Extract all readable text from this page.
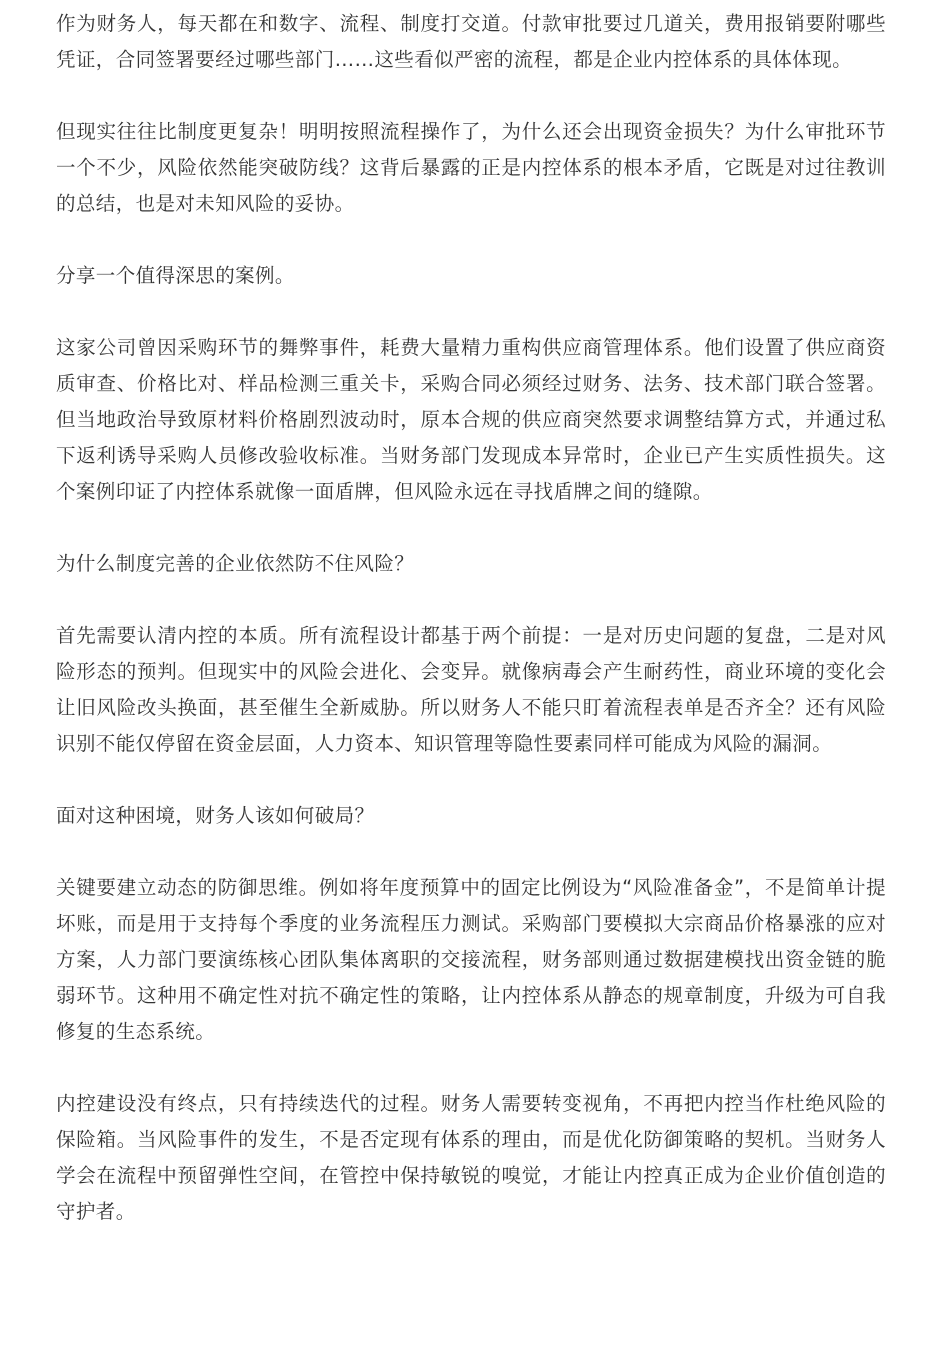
作为财务人，每天都在和数字、流程、制度打交道。付款审批要过几道关，费用报销要附哪些凭证，合同签署要经过哪些部门……这些看似严密的流程，都是企业内控体系的具体体现。

但现实往往比制度更复杂！明明按照流程操作了，为什么还会出现资金损失？为什么审批环节一个不少，风险依然能突破防线？这背后暴露的正是内控体系的根本矛盾，它既是对过往教训的总结，也是对未知风险的妥协。

分享一个值得深思的案例。

这家公司曾因采购环节的舞弊事件，耗费大量精力重构供应商管理体系。他们设置了供应商资质审查、价格比对、样品检测三重关卡，采购合同必须经过财务、法务、技术部门联合签署。但当地政治导致原材料价格剧烈波动时，原本合规的供应商突然要求调整结算方式，并通过私下返利诱导采购人员修改验收标准。当财务部门发现成本异常时，企业已产生实质性损失。这个案例印证了内控体系就像一面盾牌，但风险永远在寻找盾牌之间的缝隙。

为什么制度完善的企业依然防不住风险？

首先需要认清内控的本质。所有流程设计都基于两个前提：一是对历史问题的复盘，二是对风险形态的预判。但现实中的风险会进化、会变异。就像病毒会产生耐药性，商业环境的变化会让旧风险改头换面，甚至催生全新威胁。所以财务人不能只盯着流程表单是否齐全？还有风险识别不能仅停留在资金层面，人力资本、知识管理等隐性要素同样可能成为风险的漏洞。

面对这种困境，财务人该如何破局？

关键要建立动态的防御思维。例如将年度预算中的固定比例设为“风险准备金”，不是简单计提坏账，而是用于支持每个季度的业务流程压力测试。采购部门要模拟大宗商品价格暴涨的应对方案，人力部门要演练核心团队集体离职的交接流程，财务部则通过数据建模找出资金链的脆弱环节。这种用不确定性对抗不确定性的策略，让内控体系从静态的规章制度，升级为可自我修复的生态系统。

内控建设没有终点，只有持续迭代的过程。财务人需要转变视角，不再把内控当作杜绝风险的保险箱。当风险事件的发生，不是否定现有体系的理由，而是优化防御策略的契机。当财务人学会在流程中预留弹性空间，在管控中保持敏锐的嗅觉，才能让内控真正成为企业价值创造的守护者。
